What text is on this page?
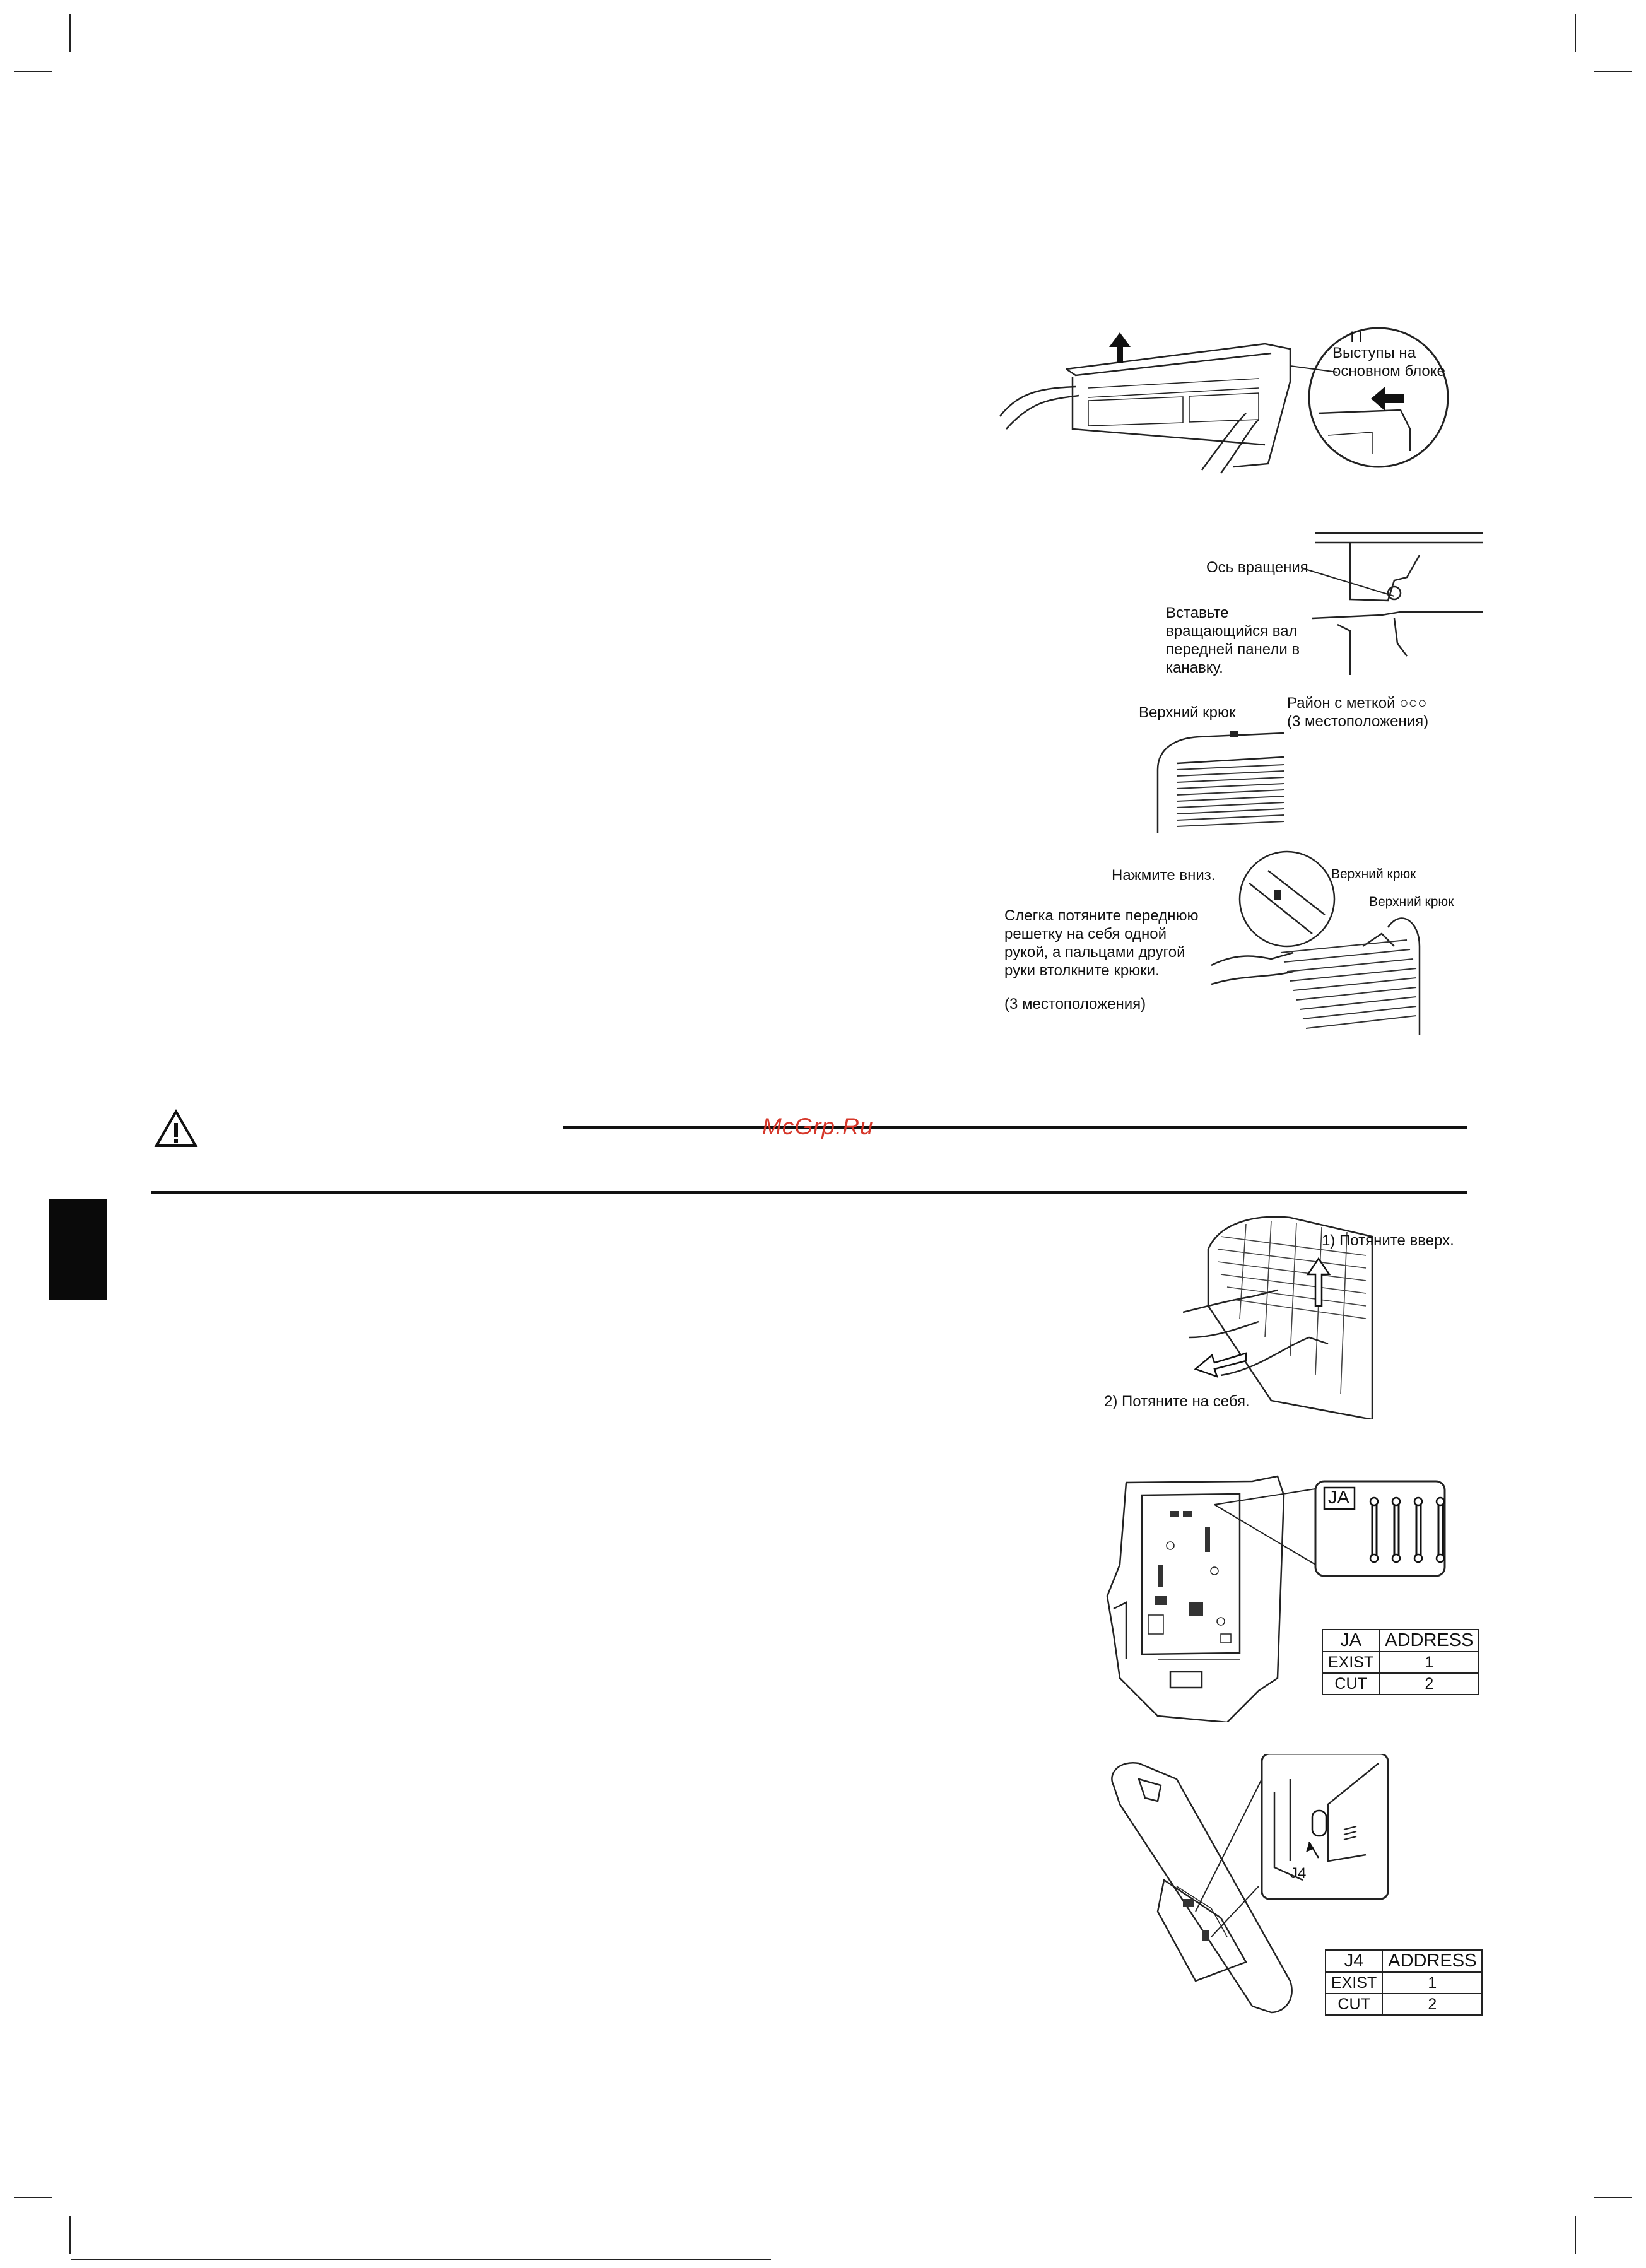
I I
Выступы на основном блоке
Ось вращения
Вставьте вращающийся вал передней панели в канавку.
Верхний крюк
Район с меткой ○○○
(3 местоположения)
Нажмите вниз.	Верхний крюк
Верхний крюк
Слегка потяните переднюю решетку на себя одной рукой, а пальцами другой руки втолкните крюки.
(3 местоположения)
McGrp.Ru
1) Потяните вверх.
2) Потяните на себя.
JA
JA	ADDRESS
EXIST	1
CUT	2
J4
J4	ADDRESS
EXIST	1
CUT	2
